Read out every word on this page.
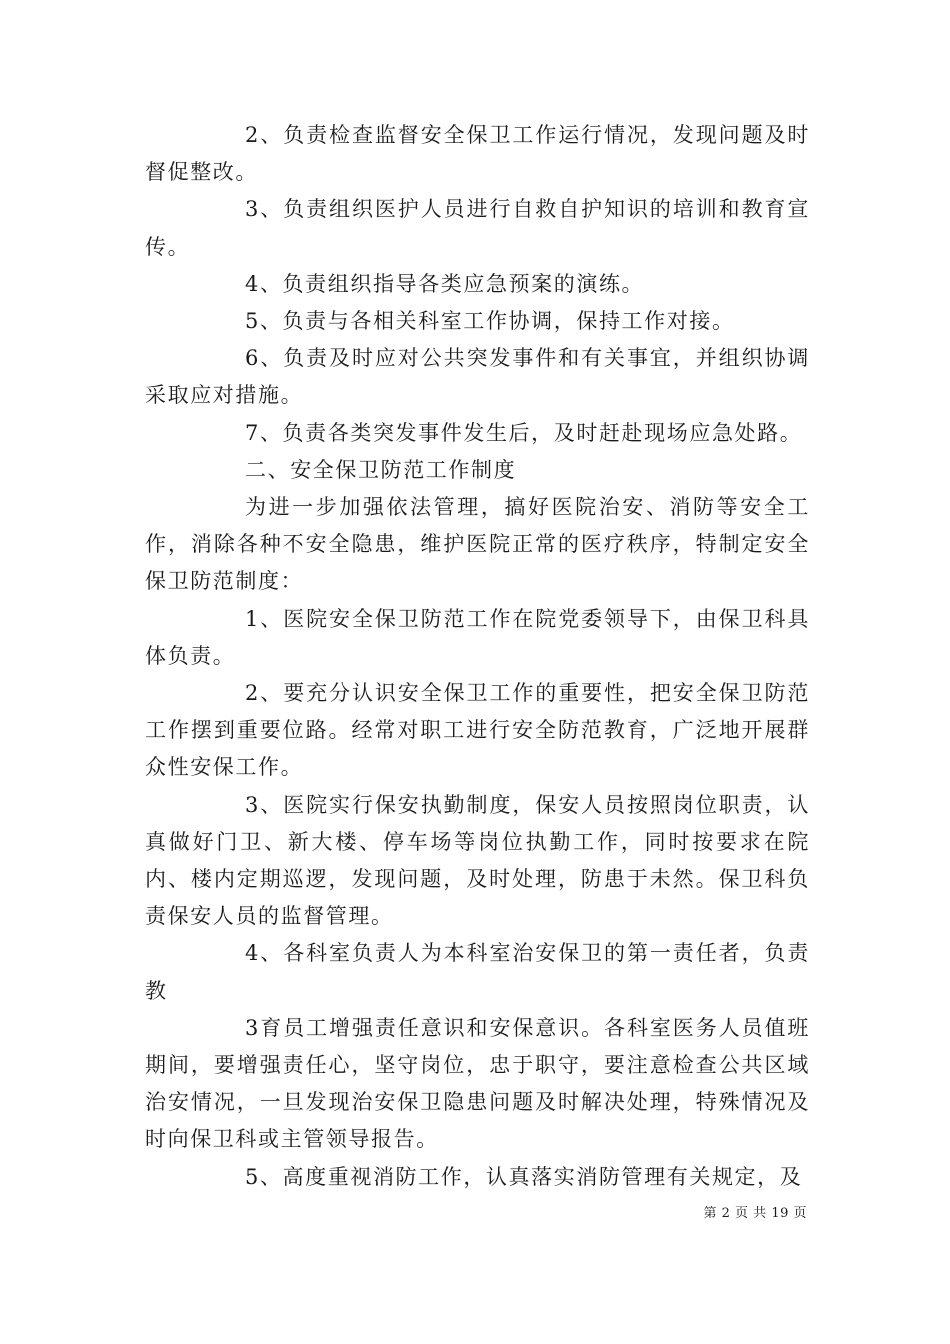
2、负责检查监督安全保卫工作运行情况，发现问题及时督促整改。

3、负责组织医护人员进行自救自护知识的培训和教育宣传。

4、负责组织指导各类应急预案的演练。

5、负责与各相关科室工作协调，保持工作对接。

6、负责及时应对公共突发事件和有关事宜，并组织协调采取应对措施。

7、负责各类突发事件发生后，及时赶赴现场应急处路。

二、安全保卫防范工作制度

为进一步加强依法管理，搞好医院治安、消防等安全工作，消除各种不安全隐患，维护医院正常的医疗秩序，特制定安全保卫防范制度：

1、医院安全保卫防范工作在院党委领导下，由保卫科具体负责。

2、要充分认识安全保卫工作的重要性，把安全保卫防范工作摆到重要位路。经常对职工进行安全防范教育，广泛地开展群众性安保工作。

3、医院实行保安执勤制度，保安人员按照岗位职责，认真做好门卫、新大楼、停车场等岗位执勤工作，同时按要求在院内、楼内定期巡逻，发现问题，及时处理，防患于未然。保卫科负责保安人员的监督管理。

4、各科室负责人为本科室治安保卫的第一责任者，负责教

3育员工增强责任意识和安保意识。各科室医务人员值班期间，要增强责任心，坚守岗位，忠于职守，要注意检查公共区域治安情况，一旦发现治安保卫隐患问题及时解决处理，特殊情况及时向保卫科或主管领导报告。

5、高度重视消防工作，认真落实消防管理有关规定，及

第 2 页 共 19 页
